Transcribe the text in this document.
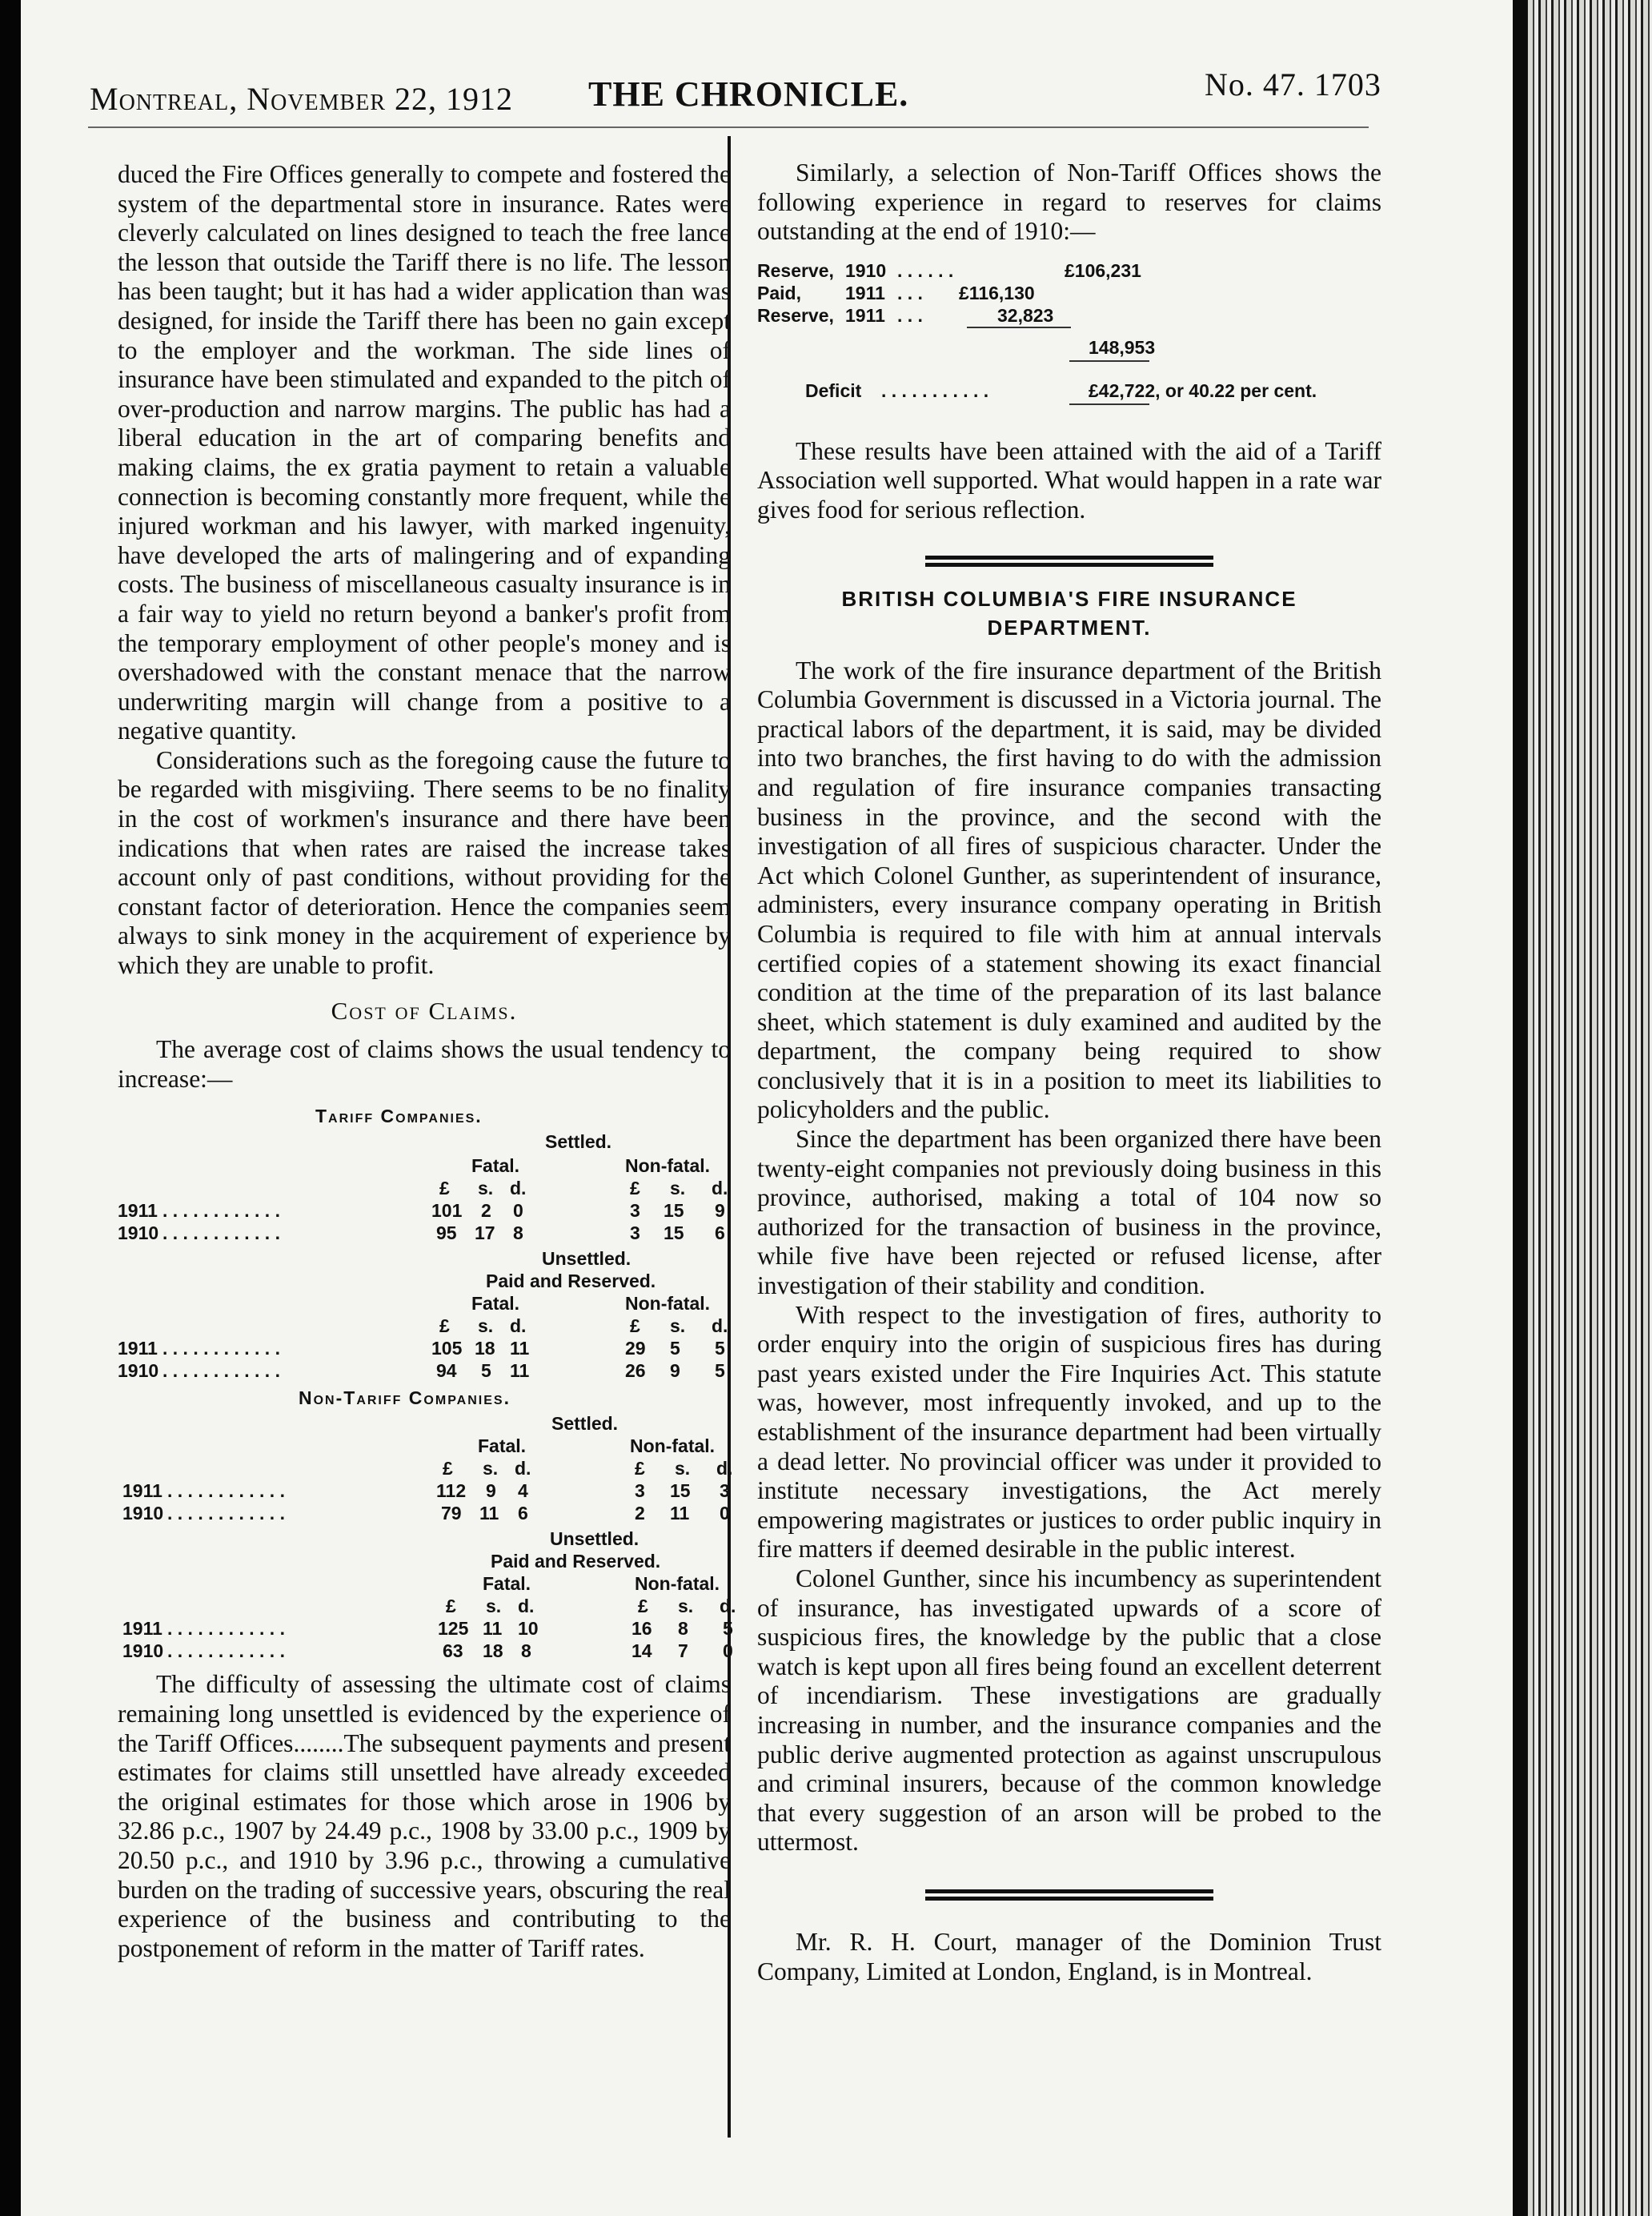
Montreal, November 22, 1912 THE CHRONICLE.	No. 47. 1703

duced the Fire Offices generally to compete and fostered the system of the departmental store in insurance. Rates were cleverly calculated on lines designed to teach the free lance the lesson that outside the Tariff there is no life. The lesson has been taught; but it has had a wider application than was designed, for inside the Tariff there has been no gain except to the employer and the workman. The side lines of insurance have been stimulated and expanded to the pitch of over-production and narrow margins. The public has had a liberal education in the art of comparing benefits and making claims, the ex gratia payment to retain a valuable connection is becoming constantly more frequent, while the injured workman and his lawyer, with marked ingenuity, have developed the arts of malingering and of expanding costs. The business of miscellaneous casualty insurance is in a fair way to yield no return beyond a banker's profit from the temporary employment of other people's money and is overshadowed with the constant menace that the narrow underwriting margin will change from a positive to a negative quantity.

Considerations such as the foregoing cause the future to be regarded with misgiviing. There seems to be no finality in the cost of workmen's insurance and there have been indications that when rates are raised the increase takes account only of past conditions, without providing for the constant factor of deterioration. Hence the companies seem always to sink money in the acquirement of experience by which they are unable to profit.

Cost of Claims.

The average cost of claims shows the usual tendency to increase:—

Tariff Companies.
Settled.
Fatal.	Non-fatal.
£ s. d.	£ s. d.
1911 . . . . . . . . . . . .	101 2 0	3 15 9
1910 . . . . . . . . . . . .	95 17 8	3 15 6
Unsettled.
Paid and Reserved.
Fatal.	Non-fatal.
£ s. d.	£ s. d.
1911 . . . . . . . . . . . .	105 18 11	29 5 5
1910 . . . . . . . . . . . .	94 5 11	26 9 5
Non-Tariff Companies.
Settled.
Fatal.	Non-fatal.
£ s. d.	£ s. d.
1911 . . . . . . . . . . . .	112 9 4	3 15 3
1910 . . . . . . . . . . . .	79 11 6	2 11 0
Unsettled.
Paid and Reserved.
Fatal.	Non-fatal.
£ s. d.	£ s. d.
1911 . . . . . . . . . . . .	125 11 10	16 8 5
1910 . . . . . . . . . . . .	63 18 8	14 7 0

The difficulty of assessing the ultimate cost of claims remaining long unsettled is evidenced by the experience of the Tariff Offices........The subsequent payments and present estimates for claims still unsettled have already exceeded the original estimates for those which arose in 1906 by 32.86 p.c., 1907 by 24.49 p.c., 1908 by 33.00 p.c., 1909 by 20.50 p.c., and 1910 by 3.96 p.c., throwing a cumulative burden on the trading of successive years, obscuring the real experience of the business and contributing to the postponement of reform in the matter of Tariff rates.

Similarly, a selection of Non-Tariff Offices shows the following experience in regard to reserves for claims outstanding at the end of 1910:—

Reserve, 1910 . . . . . .	£106,231
Paid, 1911 . . . £116,130
Reserve, 1911 . . .	32,823
148,953
Deficit . . . . . . . . . . .	£42,722, or 40.22 per cent.

These results have been attained with the aid of a Tariff Association well supported. What would happen in a rate war gives food for serious reflection.

BRITISH COLUMBIA'S FIRE INSURANCE
DEPARTMENT.

The work of the fire insurance department of the British Columbia Government is discussed in a Victoria journal. The practical labors of the department, it is said, may be divided into two branches, the first having to do with the admission and regulation of fire insurance companies transacting business in the province, and the second with the investigation of all fires of suspicious character. Under the Act which Colonel Gunther, as superintendent of insurance, administers, every insurance company operating in British Columbia is required to file with him at annual intervals certified copies of a statement showing its exact financial condition at the time of the preparation of its last balance sheet, which statement is duly examined and audited by the department, the company being required to show conclusively that it is in a position to meet its liabilities to policyholders and the public.

Since the department has been organized there have been twenty-eight companies not previously doing business in this province, authorised, making a total of 104 now so authorized for the transaction of business in the province, while five have been rejected or refused license, after investigation of their stability and condition.

With respect to the investigation of fires, authority to order enquiry into the origin of suspicious fires has during past years existed under the Fire Inquiries Act. This statute was, however, most infrequently invoked, and up to the establishment of the insurance department had been virtually a dead letter. No provincial officer was under it provided to institute necessary investigations, the Act merely empowering magistrates or justices to order public inquiry in fire matters if deemed desirable in the public interest.

Colonel Gunther, since his incumbency as superintendent of insurance, has investigated upwards of a score of suspicious fires, the knowledge by the public that a close watch is kept upon all fires being found an excellent deterrent of incendiarism. These investigations are gradually increasing in number, and the insurance companies and the public derive augmented protection as against unscrupulous and criminal insurers, because of the common knowledge that every suggestion of an arson will be probed to the uttermost.

Mr. R. H. Court, manager of the Dominion Trust Company, Limited at London, England, is in Montreal.
